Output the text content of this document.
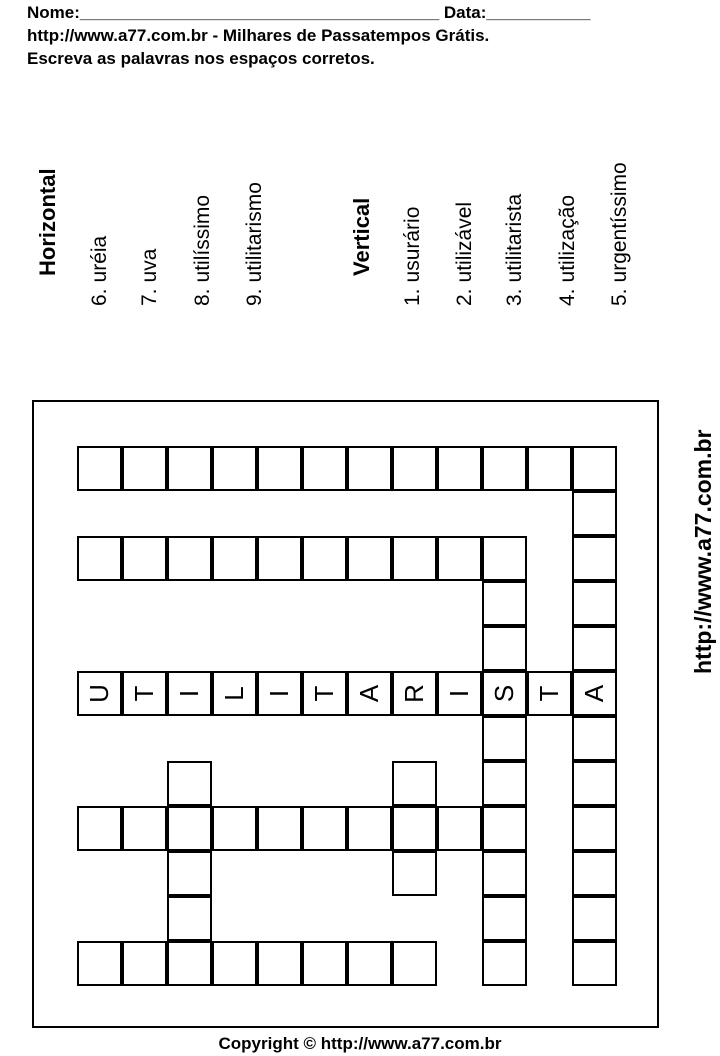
Nome:______________________________________ Data:___________
http://www.a77.com.br - Milhares de Passatempos Grátis.
Escreva as palavras nos espaços corretos.
Horizontal
6.uréia
7.uva
8.utilíssimo
9.utilitarismo	Vertical
1.usurário
2.utilizável
3.utilitarista
4.utilização
5.urgentíssimo
U T I L I T A R I S T A
http://www.a77.com.br
Copyright © http://www.a77.com.br
